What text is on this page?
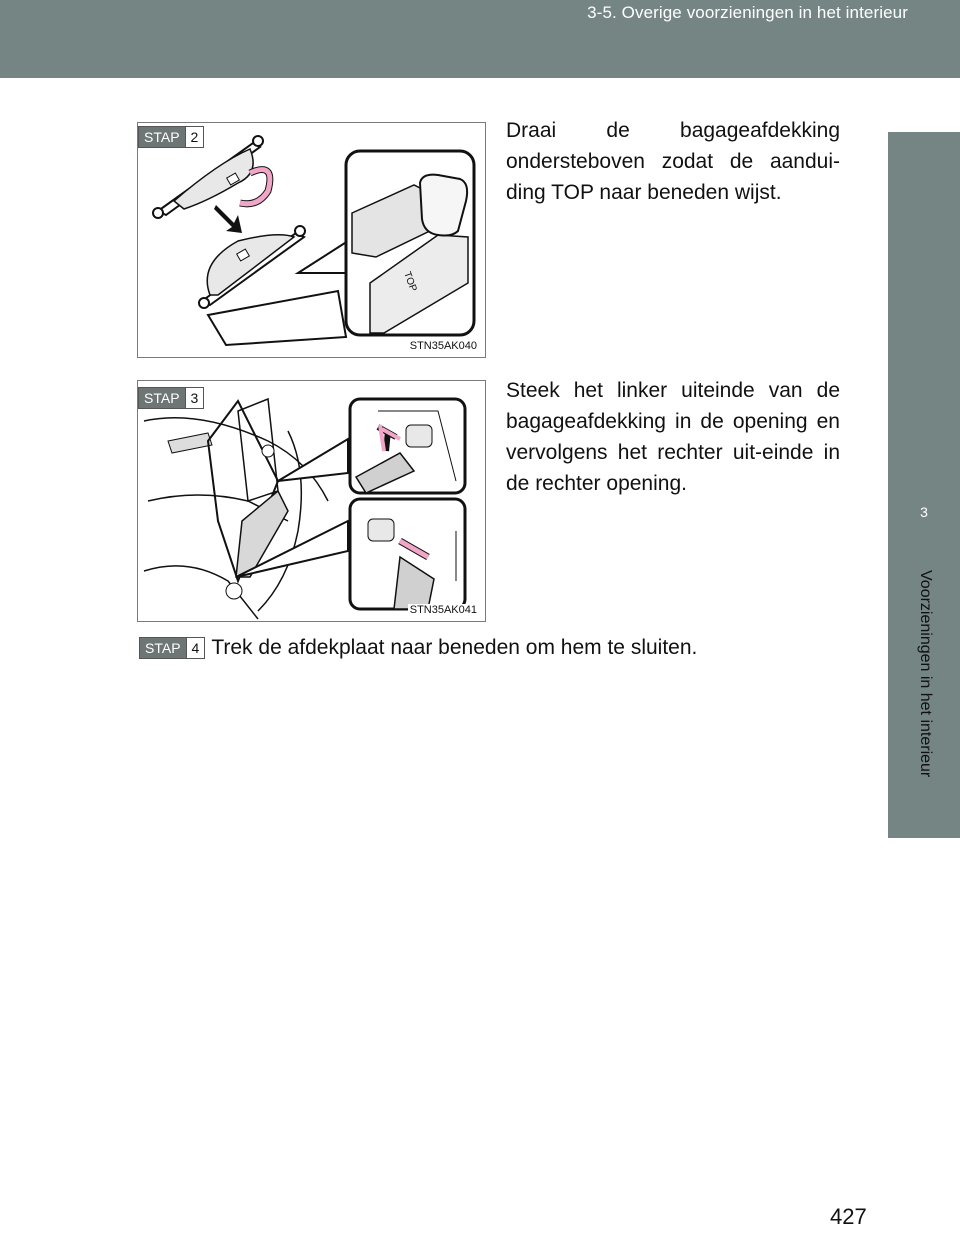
3-5. Overige voorzieningen in het interieur
3
Voorzieningen in het interieur
STAP 2
TOP
STN35AK040
Draai de bagageafdekking ondersteboven zodat de aandui-ding TOP naar beneden wijst.
STAP 3
STN35AK041
Steek het linker uiteinde van de bagageafdekking in de opening en vervolgens het rechter uit-einde in de rechter opening.
STAP 4 Trek de afdekplaat naar beneden om hem te sluiten.
427
